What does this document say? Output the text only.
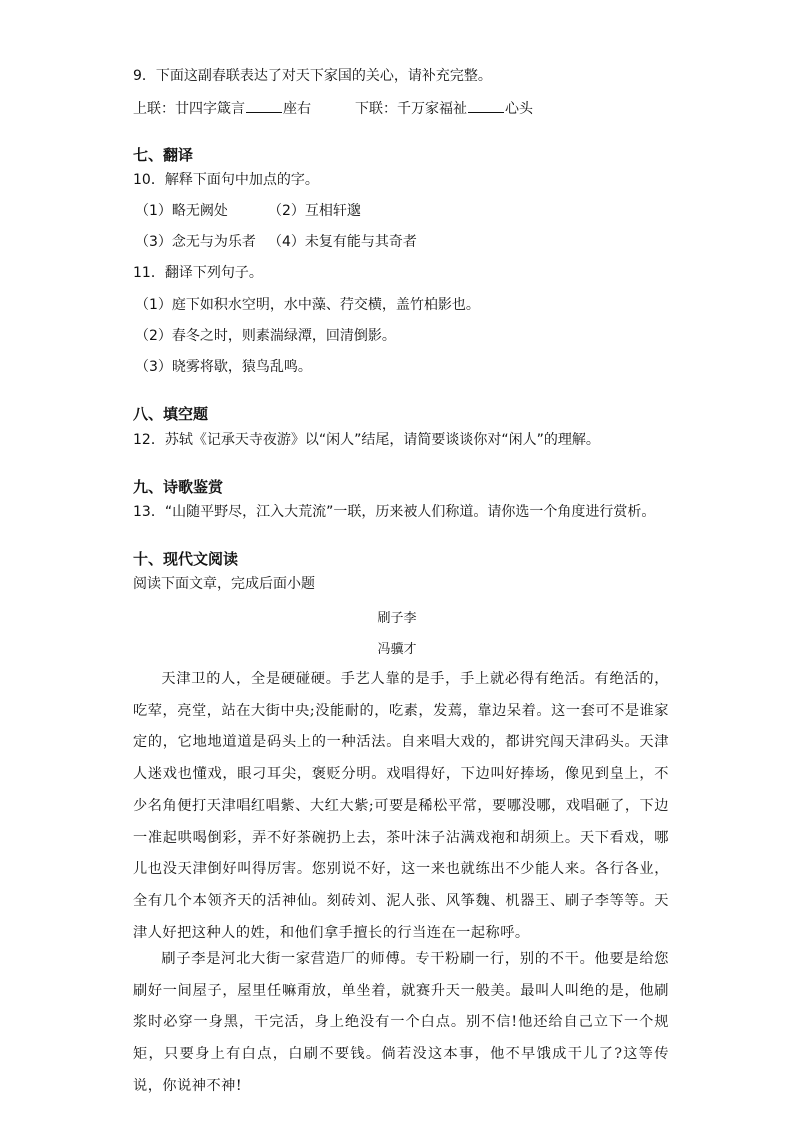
9．下面这副春联表达了对天下家国的关心，请补充完整。
上联：廿四字箴言	座右	下联：千万家福祉	心头
七、翻译
10．解释下面句中加点的字。
（1）略无阙处	（2）互相轩邈
（3）念无与为乐者 （4）未复有能与其奇者
11．翻译下列句子。
（1）庭下如积水空明，水中藻、荇交横，盖竹柏影也。
（2）春冬之时，则素湍绿潭，回清倒影。
（3）晓雾将歇，猿鸟乱鸣。
八、填空题
12．苏轼《记承天寺夜游》以“闲人”结尾，请简要谈谈你对“闲人”的理解。
九、诗歌鉴赏
13．“山随平野尽，江入大荒流”一联，历来被人们称道。请你选一个角度进行赏析。
十、现代文阅读
阅读下面文章，完成后面小题
刷子李
冯骥才
天津卫的人，全是硬碰硬。手艺人靠的是手，手上就必得有绝活。有绝活的，吃荤，亮堂，站在大街中央;没能耐的，吃素，发蔫，靠边呆着。这一套可不是谁家定的，它地地道道是码头上的一种活法。自来唱大戏的，都讲究闯天津码头。天津人迷戏也懂戏，眼刁耳尖，褒贬分明。戏唱得好，下边叫好捧场，像见到皇上，不少名角便打天津唱红唱紫、大红大紫;可要是稀松平常，要哪没哪，戏唱砸了，下边一准起哄喝倒彩，弄不好茶碗扔上去，茶叶沫子沾满戏袍和胡须上。天下看戏，哪儿也没天津倒好叫得厉害。您别说不好，这一来也就练出不少能人来。各行各业，全有几个本领齐天的活神仙。刻砖刘、泥人张、风筝魏、机器王、刷子李等等。天津人好把这种人的姓，和他们拿手擅长的行当连在一起称呼。
刷子李是河北大街一家营造厂的师傅。专干粉刷一行，别的不干。他要是给您刷好一间屋子，屋里任嘛甭放，单坐着，就赛升天一般美。最叫人叫绝的是，他刷浆时必穿一身黑，干完活，身上绝没有一个白点。别不信!他还给自己立下一个规矩，只要身上有白点，白刷不要钱。倘若没这本事，他不早饿成干儿了?这等传说，你说神不神!
